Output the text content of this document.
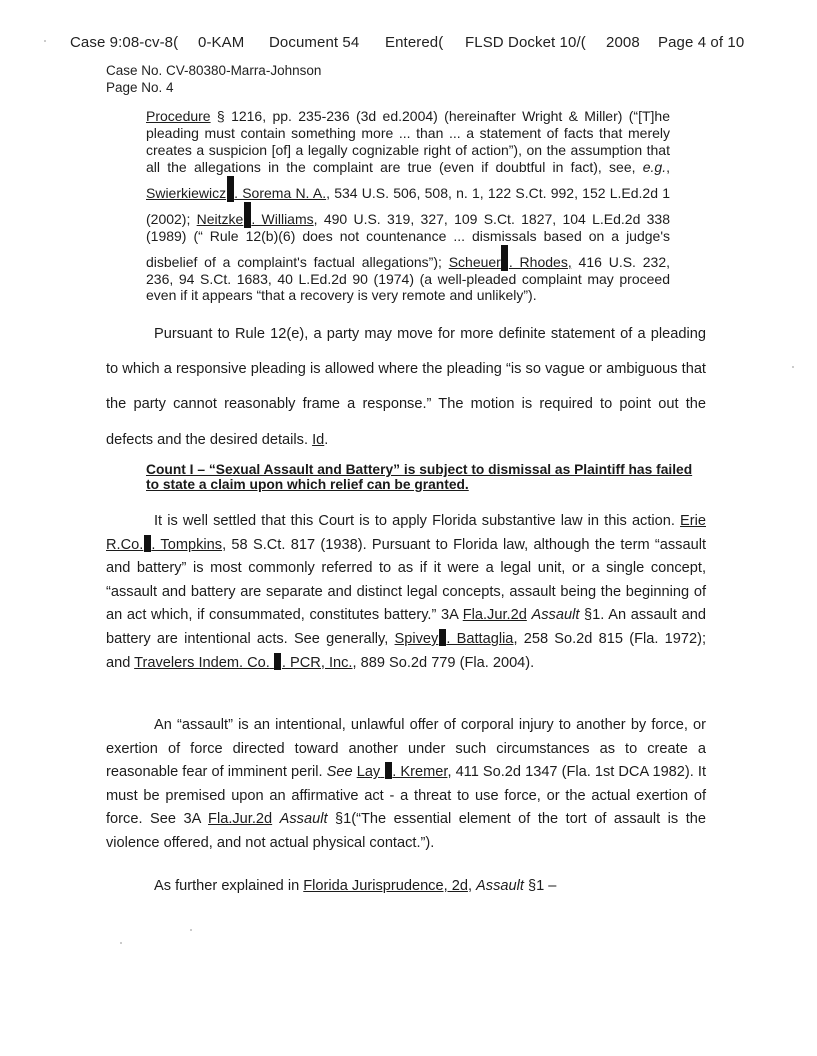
Case 9:08-cv-8( 0-KAM Document 54 Entered( FLSD Docket 10/( 2008 Page 4 of 10
Case No. CV-80380-Marra-Johnson
Page No. 4
Procedure § 1216, pp. 235-236 (3d ed.2004) (hereinafter Wright & Miller) (“[T]he pleading must contain something more ... than ... a statement of facts that merely creates a suspicion [of] a legally cognizable right of action”), on the assumption that all the allegations in the complaint are true (even if doubtful in fact), see, e.g., Swierkiewicz . Sorema N. A., 534 U.S. 506, 508, n. 1, 122 S.Ct. 992, 152 L.Ed.2d 1 (2002); Neitzke . Williams, 490 U.S. 319, 327, 109 S.Ct. 1827, 104 L.Ed.2d 338 (1989) (“ Rule 12(b)(6) does not countenance ... dismissals based on a judge's disbelief of a complaint's factual allegations”); Scheuer . Rhodes, 416 U.S. 232, 236, 94 S.Ct. 1683, 40 L.Ed.2d 90 (1974) (a well-pleaded complaint may proceed even if it appears “that a recovery is very remote and unlikely”).
Pursuant to Rule 12(e), a party may move for more definite statement of a pleading to which a responsive pleading is allowed where the pleading “is so vague or ambiguous that the party cannot reasonably frame a response.” The motion is required to point out the defects and the desired details. Id.
Count I – “Sexual Assault and Battery” is subject to dismissal as Plaintiff has failed to state a claim upon which relief can be granted.
It is well settled that this Court is to apply Florida substantive law in this action. Erie R.Co. . Tompkins, 58 S.Ct. 817 (1938). Pursuant to Florida law, although the term “assault and battery” is most commonly referred to as if it were a legal unit, or a single concept, “assault and battery are separate and distinct legal concepts, assault being the beginning of an act which, if consummated, constitutes battery.” 3A Fla.Jur.2d Assault §1. An assault and battery are intentional acts. See generally, Spivey . Battaglia, 258 So.2d 815 (Fla. 1972); and Travelers Indem. Co. . PCR, Inc., 889 So.2d 779 (Fla. 2004).
An “assault” is an intentional, unlawful offer of corporal injury to another by force, or exertion of force directed toward another under such circumstances as to create a reasonable fear of imminent peril. See Lay . Kremer, 411 So.2d 1347 (Fla. 1st DCA 1982). It must be premised upon an affirmative act - a threat to use force, or the actual exertion of force. See 3A Fla.Jur.2d Assault §1(“The essential element of the tort of assault is the violence offered, and not actual physical contact.”).
As further explained in Florida Jurisprudence, 2d, Assault §1 –
